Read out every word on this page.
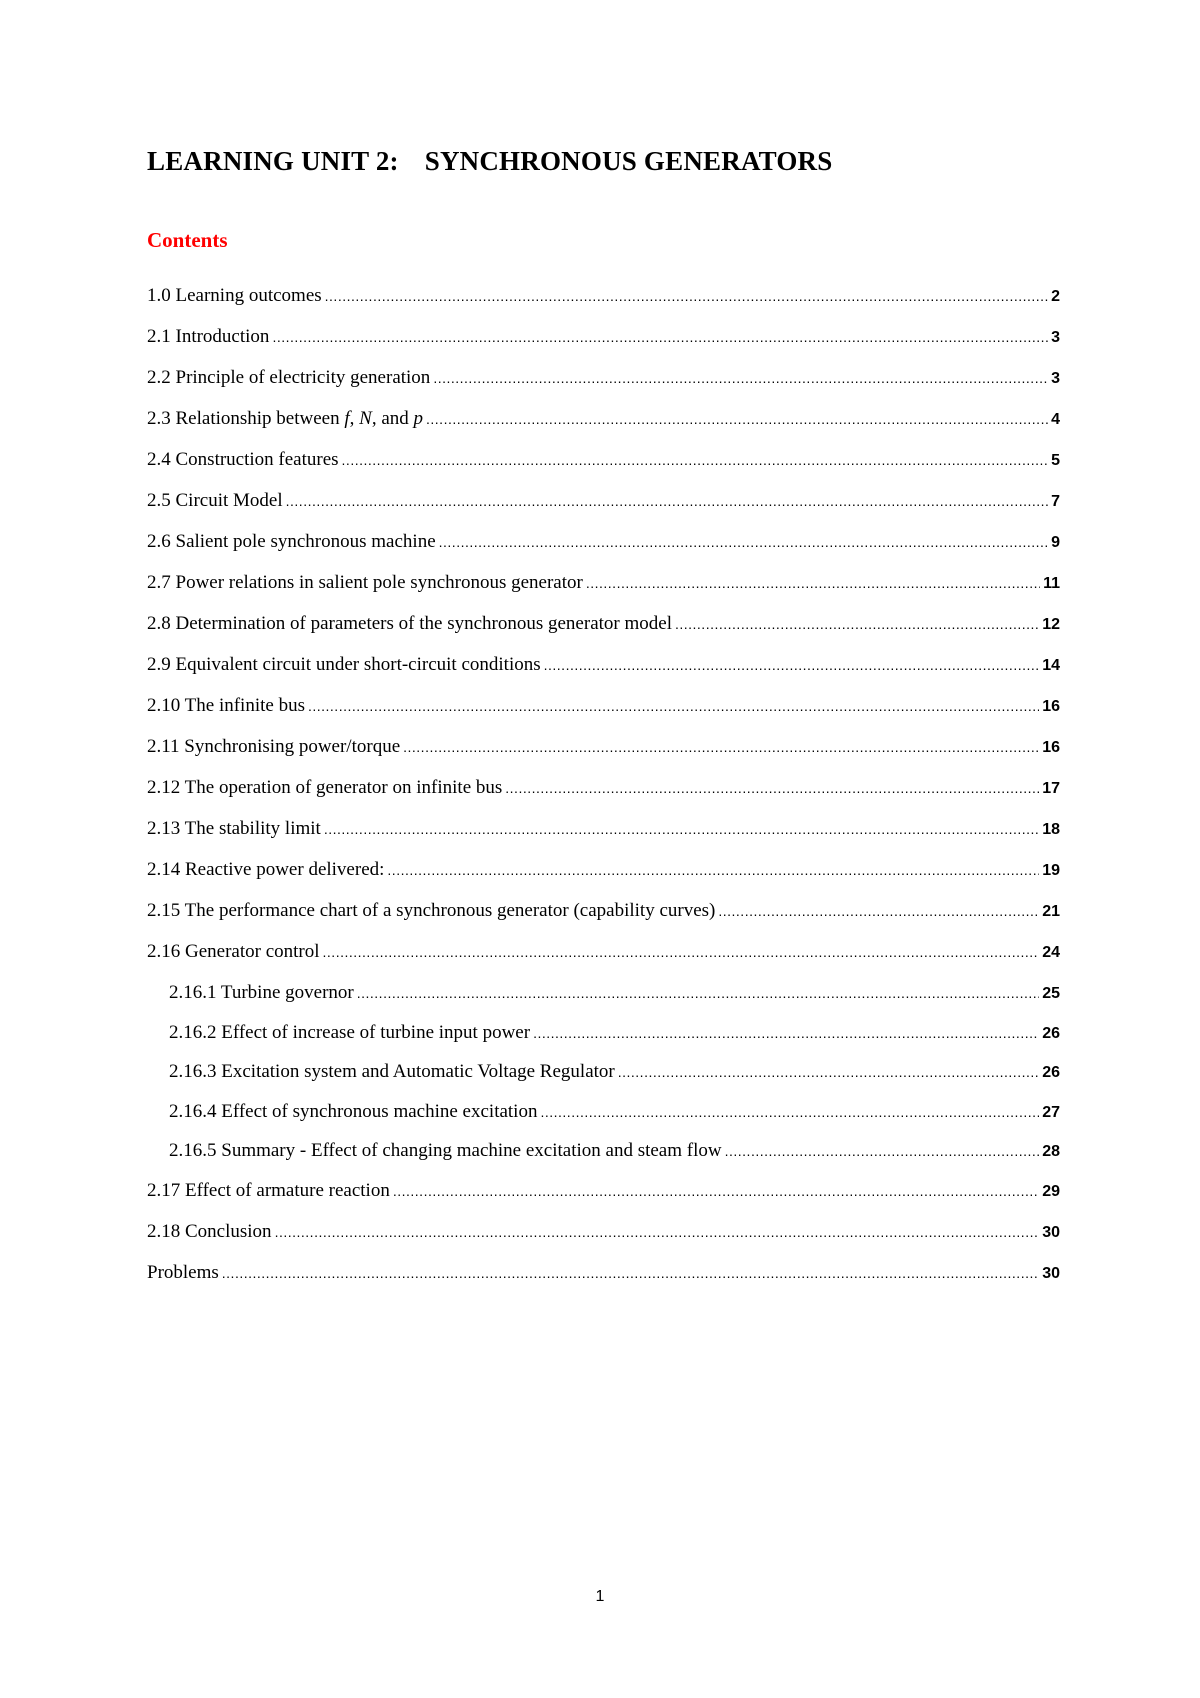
LEARNING UNIT 2: SYNCHRONOUS GENERATORS
Contents
1.0 Learning outcomes .....	2
2.1 Introduction .....	3
2.2 Principle of electricity generation .....	3
2.3 Relationship between f, N, and p .....	4
2.4 Construction features .....	5
2.5 Circuit Model .....	7
2.6 Salient pole synchronous machine .....	9
2.7 Power relations in salient pole synchronous generator .....	11
2.8 Determination of parameters of the synchronous generator model .....	12
2.9 Equivalent circuit under short-circuit conditions .....	14
2.10 The infinite bus .....	16
2.11 Synchronising power/torque .....	16
2.12 The operation of generator on infinite bus .....	17
2.13 The stability limit .....	18
2.14 Reactive power delivered: .....	19
2.15 The performance chart of a synchronous generator (capability curves) .....	21
2.16 Generator control .....	24
2.16.1 Turbine governor .....	25
2.16.2 Effect of increase of turbine input power .....	26
2.16.3 Excitation system and Automatic Voltage Regulator .....	26
2.16.4 Effect of synchronous machine excitation .....	27
2.16.5 Summary - Effect of changing machine excitation and steam flow .....	28
2.17 Effect of armature reaction .....	29
2.18 Conclusion .....	30
Problems .....	30
1
